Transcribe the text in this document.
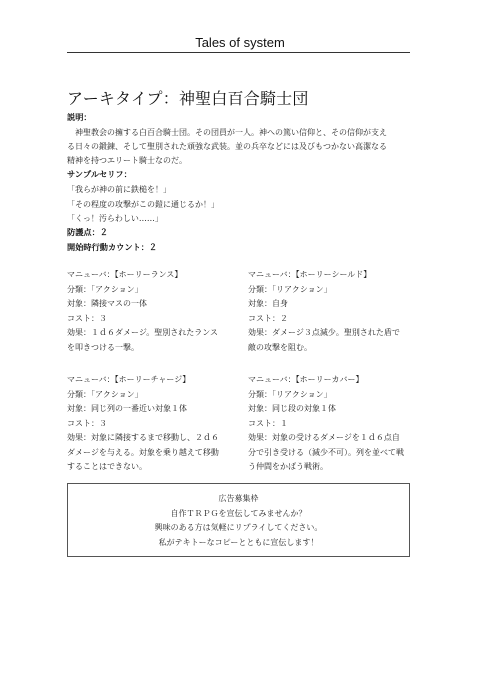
Tales of system
アーキタイプ：神聖白百合騎士団
説明：
　神聖教会の擁する白百合騎士団。その団員が一人。神への篤い信仰と、その信仰が支え
る日々の鍛錬、そして聖別された頑強な武装。並の兵卒などには及びもつかない高潔なる
精神を持つエリート騎士なのだ。
サンプルセリフ：
「我らが神の前に鉄槌を！」
「その程度の攻撃がこの鎧に通じるか！」
「くっ！汚らわしい……」
防護点：２
開始時行動カウント：２
マニューバ：【ホーリーランス】
分類：「アクション」
対象：隣接マスの一体
コスト：３
効果：１ｄ６ダメージ。聖別されたランス
を叩きつける一撃。
マニューバ：【ホーリーシールド】
分類：「リアクション」
対象：自身
コスト：２
効果：ダメージ３点減少。聖別された盾で
敵の攻撃を阻む。
マニューバ：【ホーリーチャージ】
分類：「アクション」
対象：同じ列の一番近い対象１体
コスト：３
効果：対象に隣接するまで移動し、２ｄ６
ダメージを与える。対象を乗り越えて移動
することはできない。
マニューバ：【ホーリーカバー】
分類：「リアクション」
対象：同じ段の対象１体
コスト：１
効果：対象の受けるダメージを１ｄ６点自
分で引き受ける（減少不可）。列を並べて戦
う仲間をかばう戦術。
広告募集枠
自作ＴＲＰＧを宣伝してみませんか？
興味のある方は気軽にリプライしてください。
私がテキトーなコピーとともに宣伝します！
